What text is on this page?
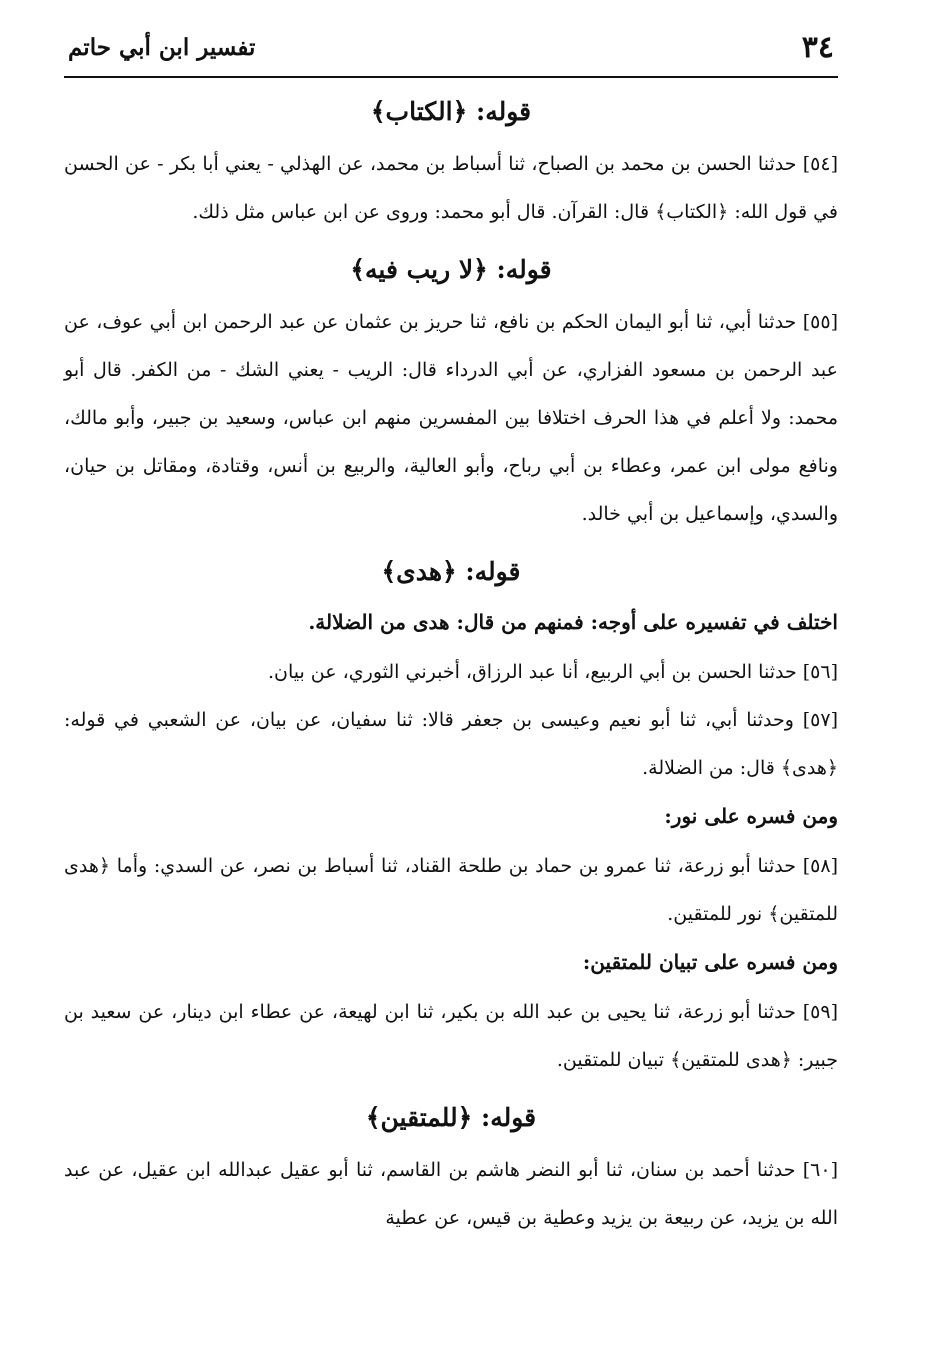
٣٤
تفسير ابن أبي حاتم
قوله: ﴿الكتاب﴾

[٥٤] حدثنا الحسن بن محمد بن الصباح، ثنا أسباط بن محمد، عن الهذلي - يعني أبا بكر - عن الحسن في قول الله: ﴿الكتاب﴾ قال: القرآن. قال أبو محمد: وروى عن ابن عباس مثل ذلك.

قوله: ﴿لا ريب فيه﴾

[٥٥] حدثنا أبي، ثنا أبو اليمان الحكم بن نافع، ثنا حريز بن عثمان عن عبد الرحمن ابن أبي عوف، عن عبد الرحمن بن مسعود الفزاري، عن أبي الدرداء قال: الريب - يعني الشك - من الكفر. قال أبو محمد: ولا أعلم في هذا الحرف اختلافا بين المفسرين منهم ابن عباس، وسعيد بن جبير، وأبو مالك، ونافع مولى ابن عمر، وعطاء بن أبي رباح، وأبو العالية، والربيع بن أنس، وقتادة، ومقاتل بن حيان، والسدي، وإسماعيل بن أبي خالد.

قوله: ﴿هدى﴾
اختلف في تفسيره على أوجه: فمنهم من قال: هدى من الضلالة.

[٥٦] حدثنا الحسن بن أبي الربيع، أنا عبد الرزاق، أخبرني الثوري، عن بيان.

[٥٧] وحدثنا أبي، ثنا أبو نعيم وعيسى بن جعفر قالا: ثنا سفيان، عن بيان، عن الشعبي في قوله: ﴿هدى﴾ قال: من الضلالة.

ومن فسره على نور:

[٥٨] حدثنا أبو زرعة، ثنا عمرو بن حماد بن طلحة القناد، ثنا أسباط بن نصر، عن السدي: وأما ﴿هدى للمتقين﴾ نور للمتقين.

ومن فسره على تبيان للمتقين:

[٥٩] حدثنا أبو زرعة، ثنا يحيى بن عبد الله بن بكير، ثنا ابن لهيعة، عن عطاء ابن دينار، عن سعيد بن جبير: ﴿هدى للمتقين﴾ تبيان للمتقين.

قوله: ﴿للمتقين﴾

[٦٠] حدثنا أحمد بن سنان، ثنا أبو النضر هاشم بن القاسم، ثنا أبو عقيل عبدالله ابن عقيل، عن عبد الله بن يزيد، عن ربيعة بن يزيد وعطية بن قيس، عن عطية
